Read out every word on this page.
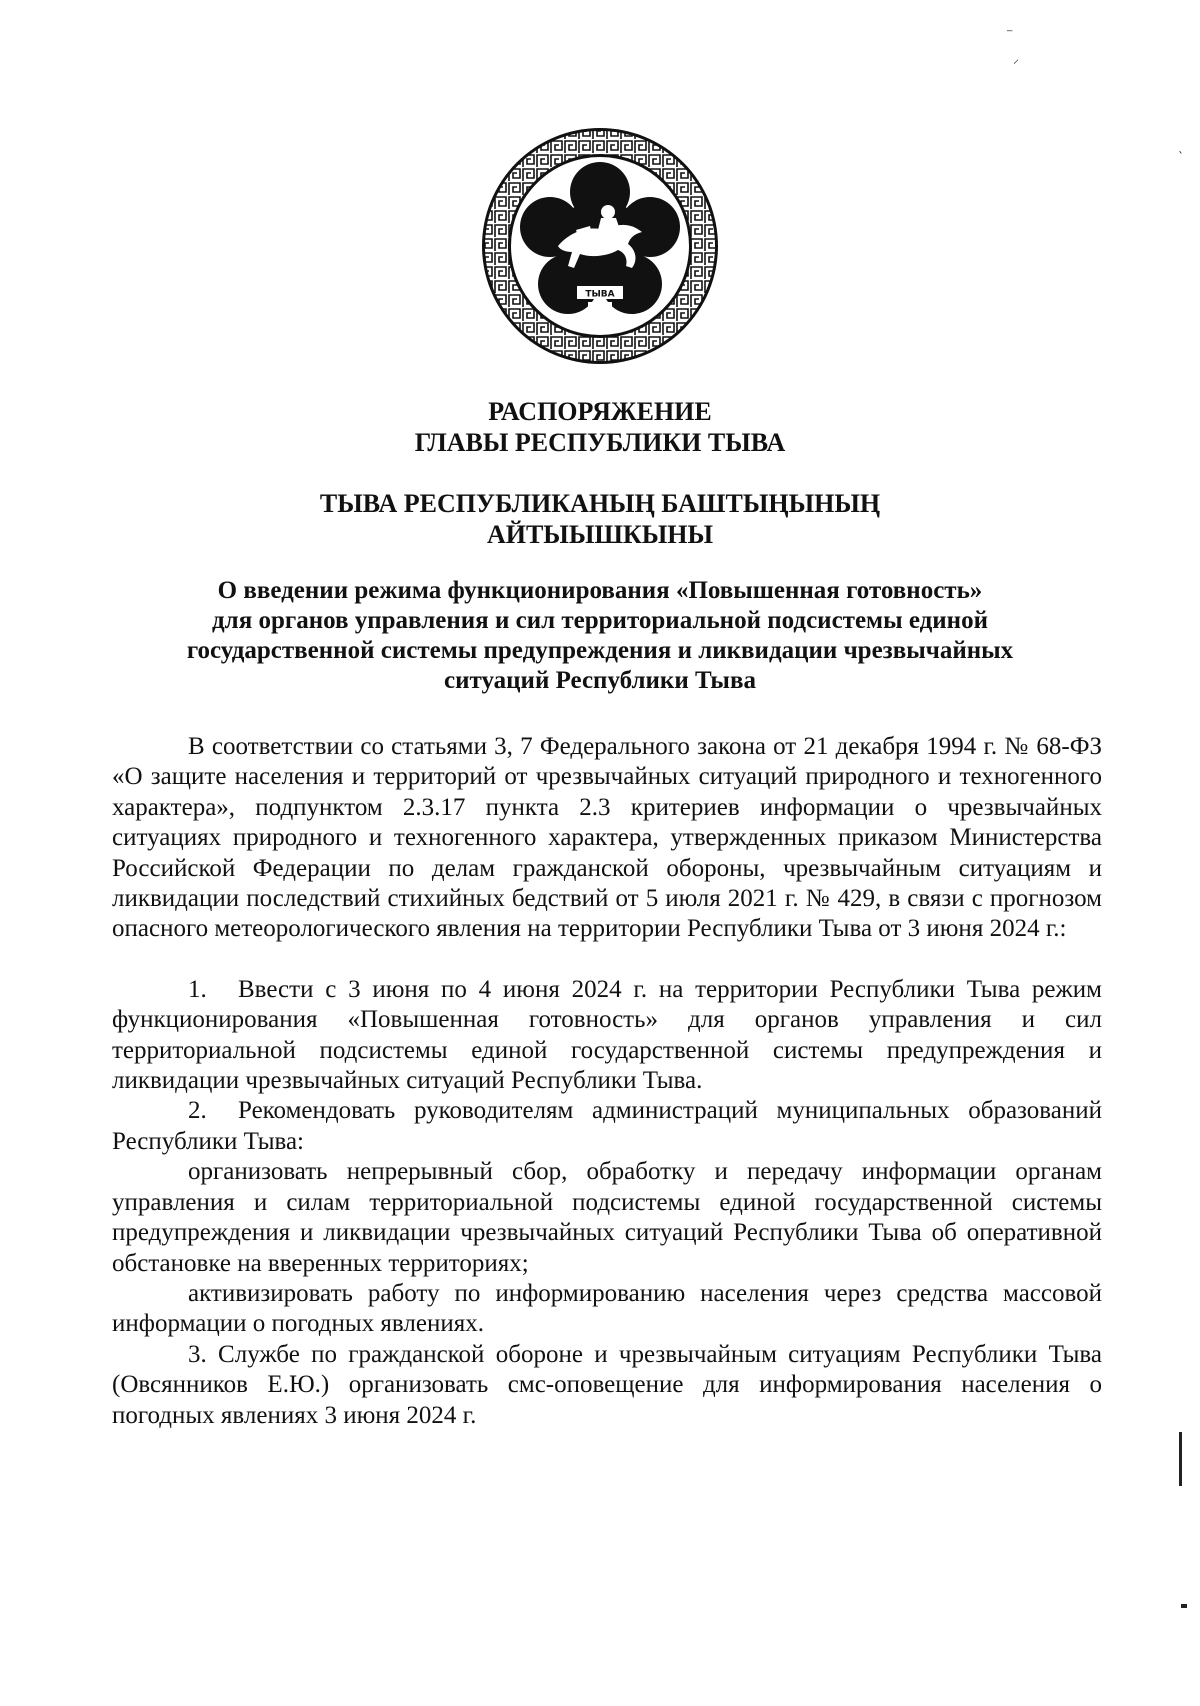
ТЫВА
РАСПОРЯЖЕНИЕ
ГЛАВЫ РЕСПУБЛИКИ ТЫВА
ТЫВА РЕСПУБЛИКАНЫҢ БАШТЫҢЫНЫҢ
АЙТЫЫШКЫНЫ
О введении режима функционирования «Повышенная готовность»
для органов управления и сил территориальной подсистемы единой
государственной системы предупреждения и ликвидации чрезвычайных
ситуаций Республики Тыва

В соответствии со статьями 3, 7 Федерального закона от 21 декабря 1994 г. № 68-ФЗ «О защите населения и территорий от чрезвычайных ситуаций природного и техногенного характера», подпунктом 2.3.17 пункта 2.3 критериев информации о чрезвычайных ситуациях природного и техногенного характера, утвержденных приказом Министерства Российской Федерации по делам гражданской обороны, чрезвычайным ситуациям и ликвидации последствий стихийных бедствий от 5 июля 2021 г. № 429, в связи с прогнозом опасного метеорологического явления на территории Республики Тыва от 3 июня 2024 г.:

1. Ввести с 3 июня по 4 июня 2024 г. на территории Республики Тыва режим функционирования «Повышенная готовность» для органов управления и сил территориальной подсистемы единой государственной системы предупреждения и ликвидации чрезвычайных ситуаций Республики Тыва.

2. Рекомендовать руководителям администраций муниципальных образований Республики Тыва:

организовать непрерывный сбор, обработку и передачу информации органам управления и силам территориальной подсистемы единой государственной системы предупреждения и ликвидации чрезвычайных ситуаций Республики Тыва об оперативной обстановке на вверенных территориях;

активизировать работу по информированию населения через средства массовой информации о погодных явлениях.

3. Службе по гражданской обороне и чрезвычайным ситуациям Республики Тыва (Овсянников Е.Ю.) организовать смс-оповещение для информирования населения о погодных явлениях 3 июня 2024 г.

⁻
⸝
ˋ
